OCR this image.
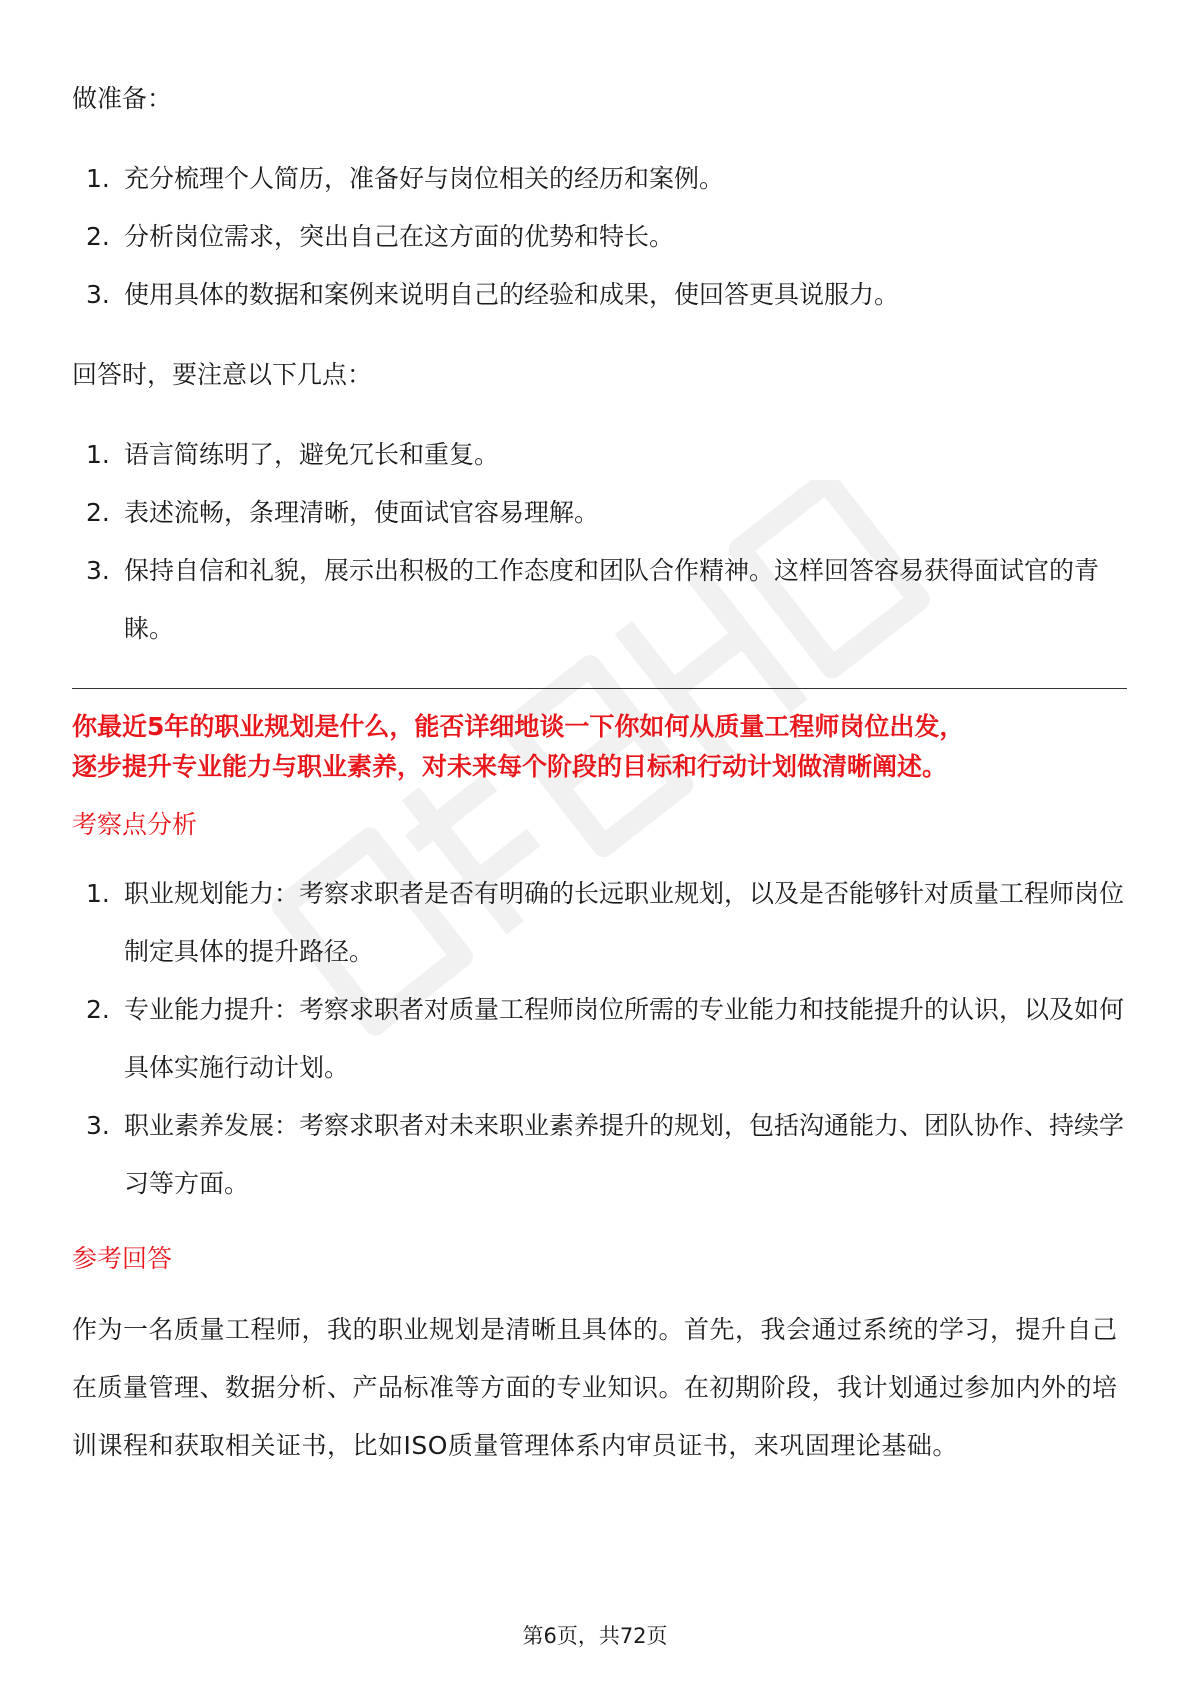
做准备：

1. 充分梳理个人简历，准备好与岗位相关的经历和案例。
2. 分析岗位需求，突出自己在这方面的优势和特长。
3. 使用具体的数据和案例来说明自己的经验和成果，使回答更具说服力。

回答时，要注意以下几点：

1. 语言简练明了，避免冗长和重复。
2. 表述流畅，条理清晰，使面试官容易理解。
3. 保持自信和礼貌，展示出积极的工作态度和团队合作精神。这样回答容易获得面试官的青睐。

你最近5年的职业规划是什么，能否详细地谈一下你如何从质量工程师岗位出发，

逐步提升专业能力与职业素养，对未来每个阶段的目标和行动计划做清晰阐述。

考察点分析

1. 职业规划能力：考察求职者是否有明确的长远职业规划，以及是否能够针对质量工程师岗位制定具体的提升路径。
2. 专业能力提升：考察求职者对质量工程师岗位所需的专业能力和技能提升的认识，以及如何具体实施行动计划。
3. 职业素养发展：考察求职者对未来职业素养提升的规划，包括沟通能力、团队协作、持续学习等方面。

参考回答

作为一名质量工程师，我的职业规划是清晰且具体的。首先，我会通过系统的学习，提升自己在质量管理、数据分析、产品标准等方面的专业知识。在初期阶段，我计划通过参加内外的培训课程和获取相关证书，比如ISO质量管理体系内审员证书，来巩固理论基础。

第6页，共72页
